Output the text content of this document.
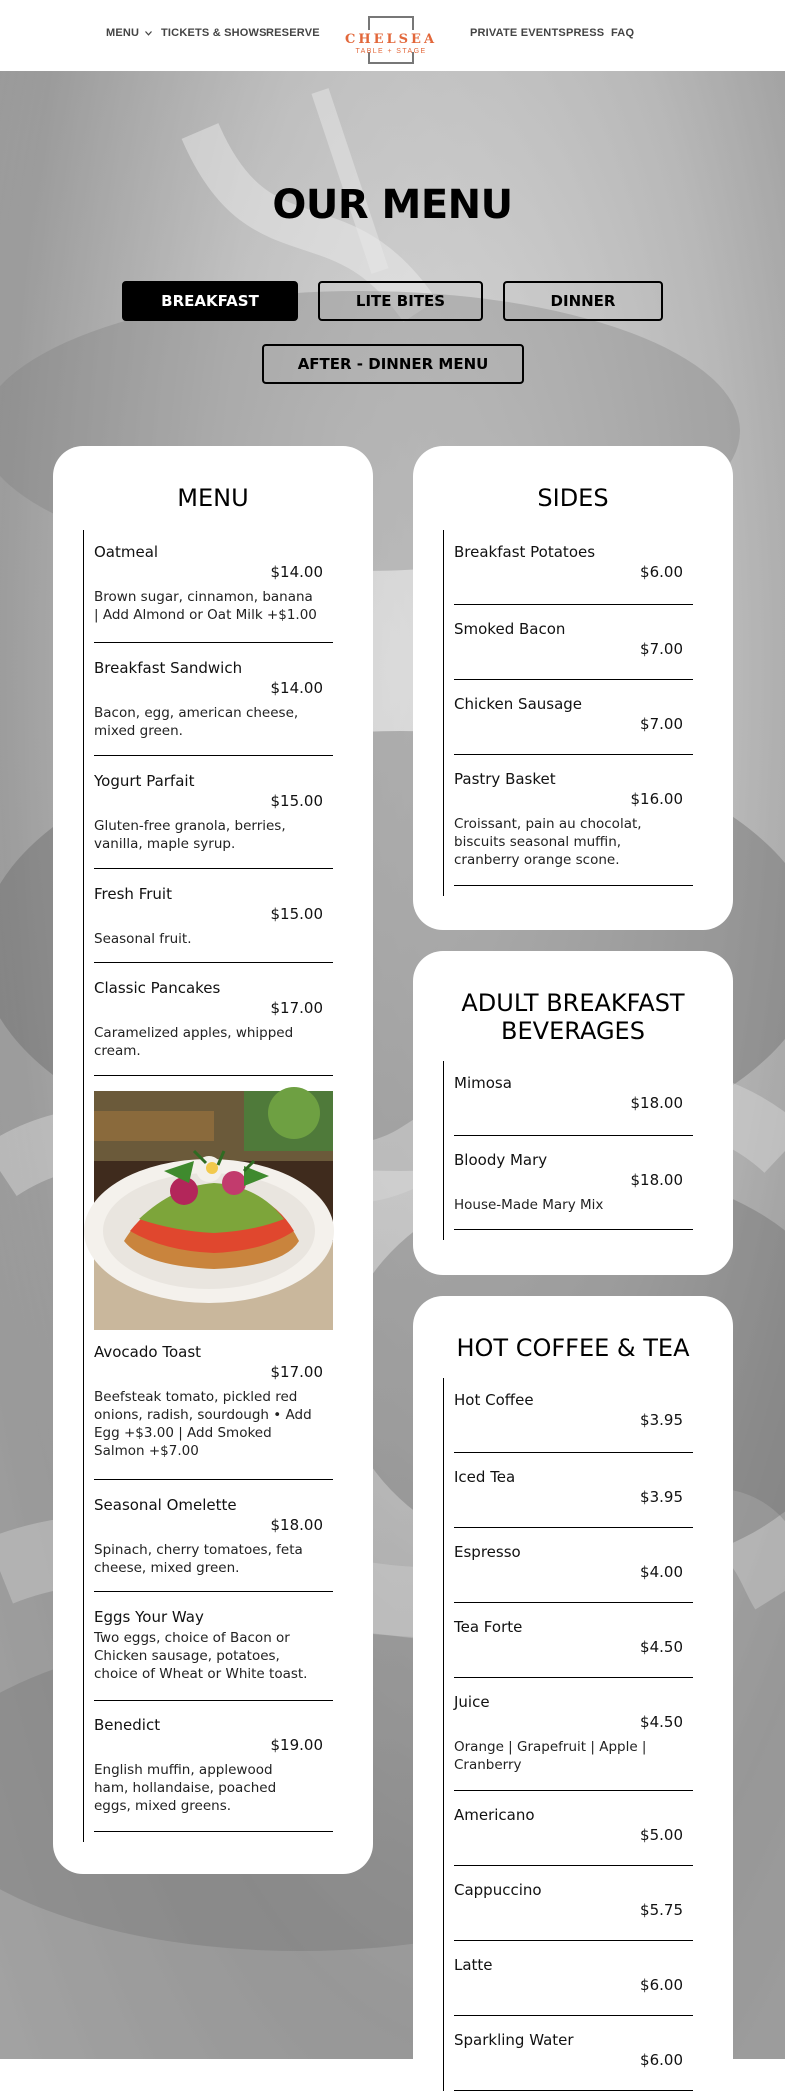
MENU	TICKETS & SHOWS RESERVE	CHELSEA
TABLE + STAGE
PRIVATE EVENTS PRESS FAQ
OUR MENU
BREAKFAST	LITE BITES	DINNER
AFTER - DINNER MENU
MENU
Oatmeal
$14.00
Brown sugar, cinnamon, banana | Add Almond or Oat Milk +$1.00
Breakfast Sandwich
$14.00
Bacon, egg, american cheese, mixed green.
Yogurt Parfait
$15.00
Gluten-free granola, berries, vanilla, maple syrup.
Fresh Fruit
$15.00
Seasonal fruit.
Classic Pancakes
$17.00
Caramelized apples, whipped cream.
Avocado Toast
$17.00
Beefsteak tomato, pickled red onions, radish, sourdough • Add Egg +$3.00 | Add Smoked Salmon +$7.00
Seasonal Omelette
$18.00
Spinach, cherry tomatoes, feta cheese, mixed green.
Eggs Your Way
Two eggs, choice of Bacon or Chicken sausage, potatoes, choice of Wheat or White toast.
Benedict
$19.00
English muffin, applewood ham, hollandaise, poached eggs, mixed greens.
SIDES
Breakfast Potatoes
$6.00
Smoked Bacon
$7.00
Chicken Sausage
$7.00
Pastry Basket
$16.00
Croissant, pain au chocolat, biscuits seasonal muffin, cranberry orange scone.
ADULT BREAKFAST BEVERAGES
Mimosa
$18.00
Bloody Mary
$18.00
House-Made Mary Mix
HOT COFFEE & TEA
Hot Coffee
$3.95
Iced Tea
$3.95
Espresso
$4.00
Tea Forte
$4.50
Juice
$4.50
Orange | Grapefruit | Apple | Cranberry
Americano
$5.00
Cappuccino
$5.75
Latte
$6.00
Sparkling Water
$6.00
